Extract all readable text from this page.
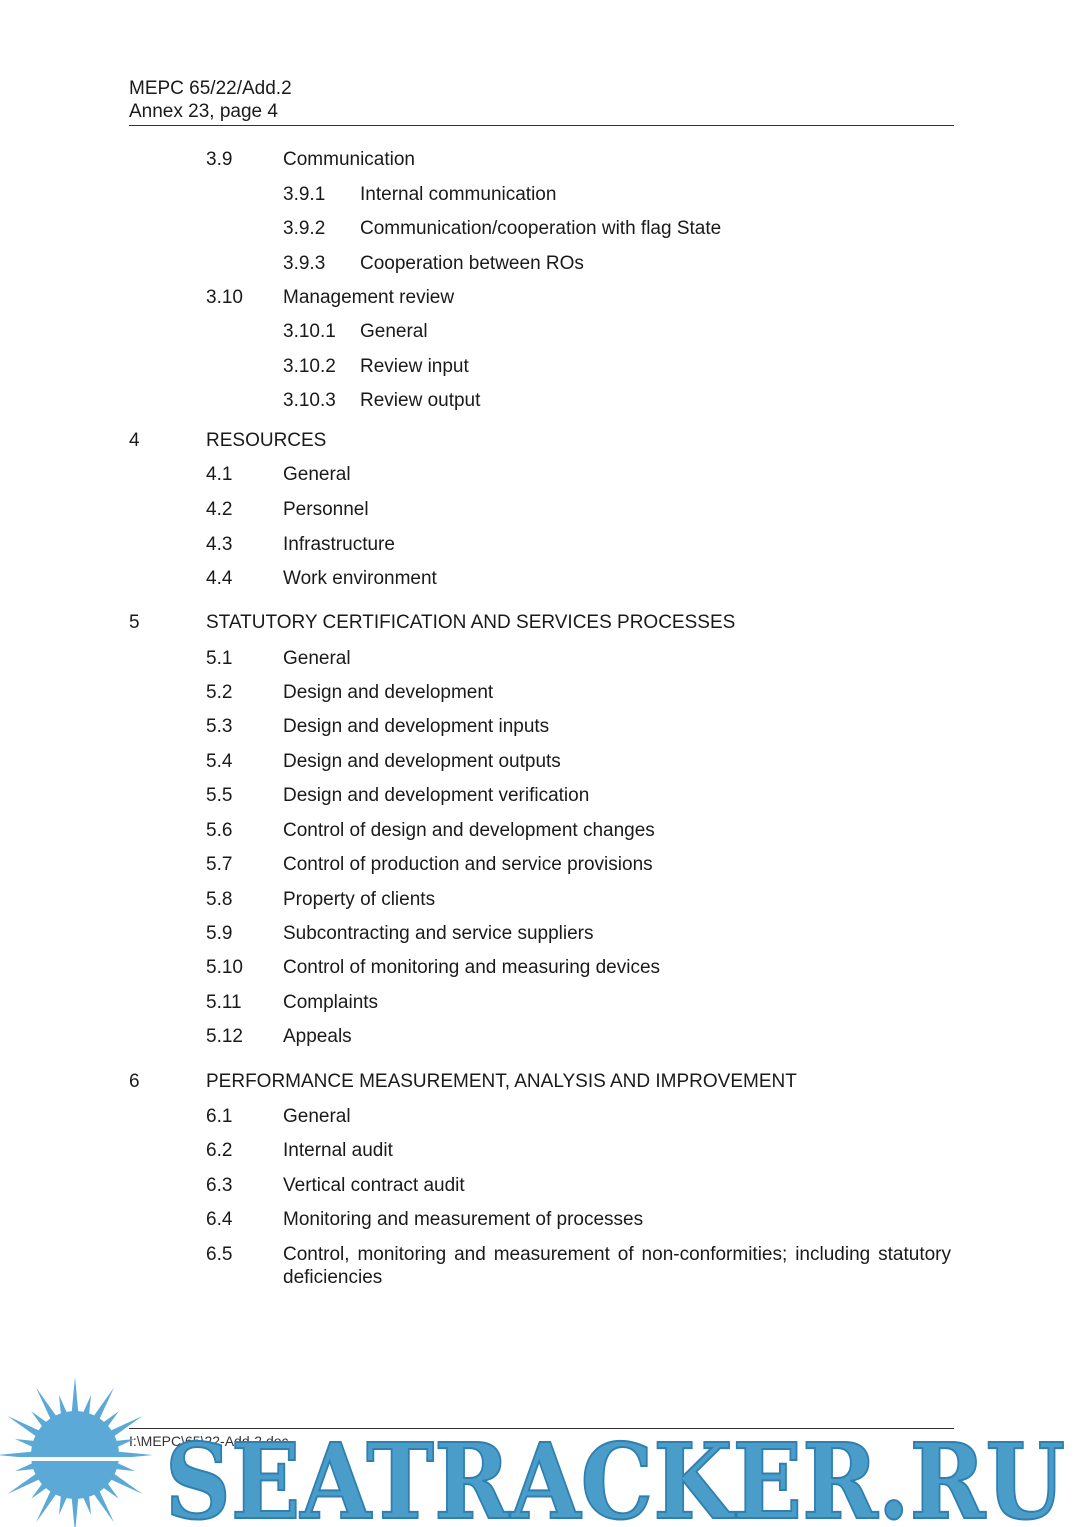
MEPC 65/22/Add.2
Annex 23, page 4
3.9	Communication
3.9.1 Internal communication
3.9.2 Communication/cooperation with flag State
3.9.3 Cooperation between ROs
3.10 Management review
3.10.1 General
3.10.2 Review input
3.10.3 Review output
4	RESOURCES
4.1	General
4.2	Personnel
4.3	Infrastructure
4.4	Work environment
5	STATUTORY CERTIFICATION AND SERVICES PROCESSES
5.1	General
5.2	Design and development
5.3	Design and development inputs
5.4	Design and development outputs
5.5	Design and development verification
5.6	Control of design and development changes
5.7	Control of production and service provisions
5.8	Property of clients
5.9	Subcontracting and service suppliers
5.10 Control of monitoring and measuring devices
5.11 Complaints
5.12 Appeals
6	PERFORMANCE MEASUREMENT, ANALYSIS AND IMPROVEMENT
6.1	General
6.2	Internal audit
6.3	Vertical contract audit
6.4	Monitoring and measurement of processes
6.5	Control, monitoring and measurement of non-conformities; including statutory deficiencies
I:\MEPC\65\22-Add-2.doc
SEATRACKER.RU
